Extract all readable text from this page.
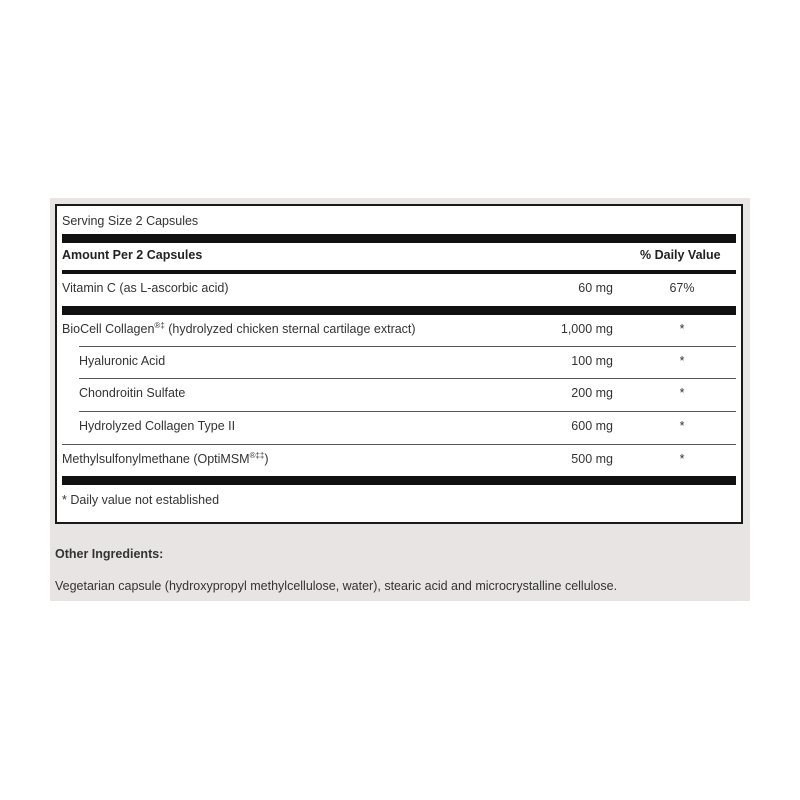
Serving Size 2 Capsules
Amount Per 2 Capsules	% Daily Value
Vitamin C (as L-ascorbic acid)	60 mg	67%
BioCell Collagen®‡ (hydrolyzed chicken sternal cartilage extract)	1,000 mg	*
Hyaluronic Acid	100 mg	*
Chondroitin Sulfate	200 mg	*
Hydrolyzed Collagen Type II	600 mg	*
Methylsulfonylmethane (OptiMSM®‡‡)	500 mg	*
* Daily value not established
Other Ingredients:
Vegetarian capsule (hydroxypropyl methylcellulose, water), stearic acid and microcrystalline cellulose.
